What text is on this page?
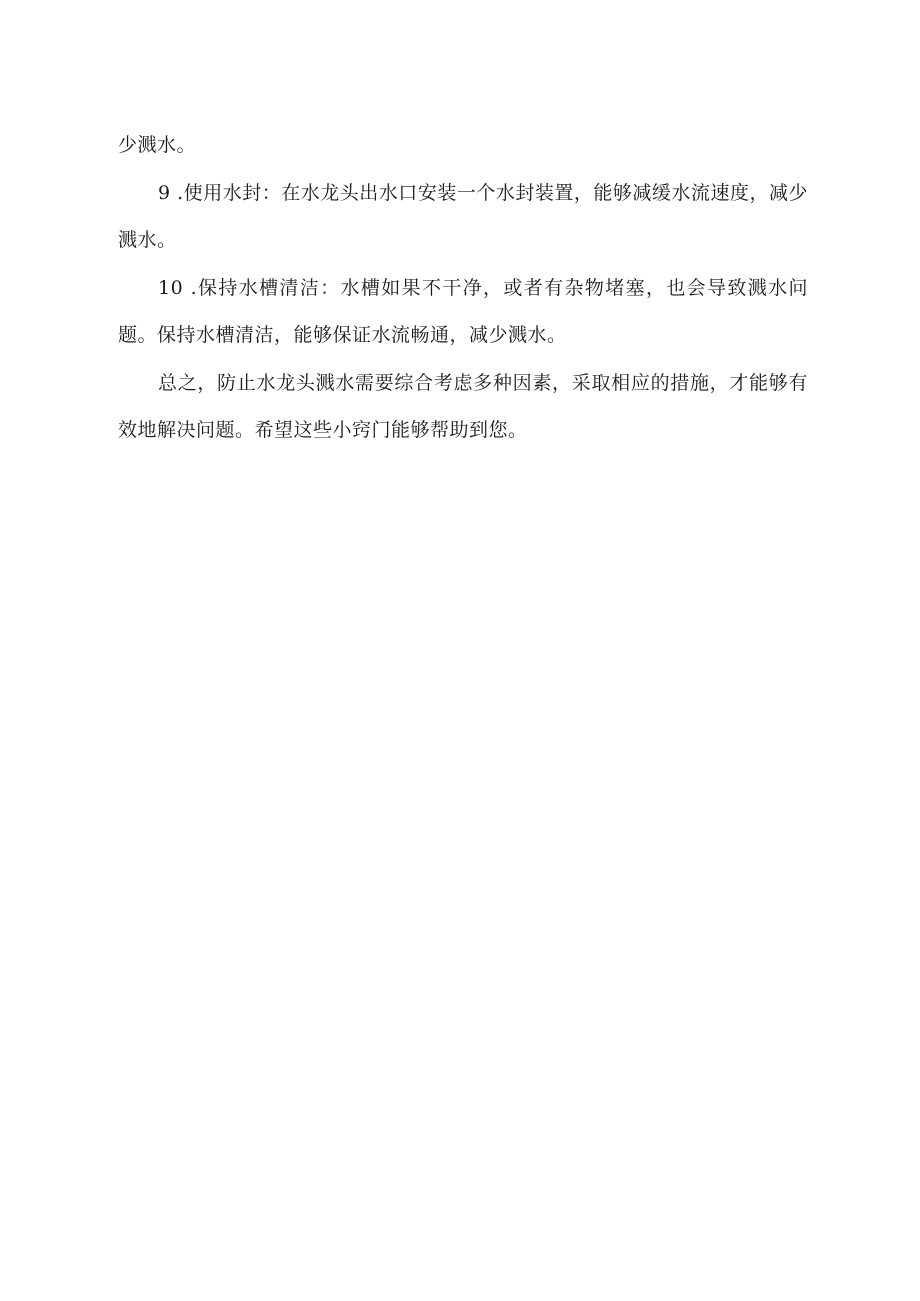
少溅水。

9 .使用水封：在水龙头出水口安装一个水封装置，能够减缓水流速度，减少溅水。

10 .保持水槽清洁：水槽如果不干净，或者有杂物堵塞，也会导致溅水问题。保持水槽清洁，能够保证水流畅通，减少溅水。

总之，防止水龙头溅水需要综合考虑多种因素，采取相应的措施，才能够有效地解决问题。希望这些小窍门能够帮助到您。
